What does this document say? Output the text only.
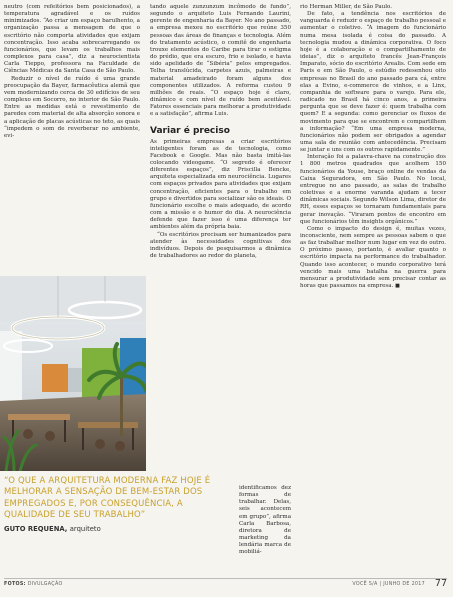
neutro (com refeitórios bem posicionados), a temperatura agradável e os ruídos minimizados. “Ao criar um espaço barulhento, a organização passa a mensagem de que o escritório não comporta atividades que exijam concentração. Isso acaba sobrecarregando os funcionários, que levam os trabalhos mais complexos para casa”, diz a neurocientista Carla Tieppo, professora na Faculdade de Ciências Médicas da Santa Casa de São Paulo.

Reduzir o nível de ruído é uma grande preocupação da Bayer, farmacêutica alemã que vem modernizando cerca de 30 edifícios de seu complexo em Socorro, no interior de São Paulo. Entre as medidas está o revestimento de paredes com material de alta absorção sonora e a aplicação de placas acústicas no teto, as quais “impedem o som de reverberar no ambiente, evi-

tando aquele zunzunzum incômodo de fundo”, segundo o arquiteto Luis Fernando Laurini, gerente de engenharia da Bayer. No ano passado, a empresa mexeu no escritório que reúne 350 pessoas das áreas de finanças e tecnologia. Além do tratamento acústico, o comitê de engenharia trouxe elementos do Caribe para tirar o estigma do prédio, que era escuro, frio e isolado, e havia sido apelidado de “Sibéria” pelos empregados. Telha translúcida, carpetes azuis, palmeiras e material amadeirado foram alguns dos componentes utilizados. A reforma custou 9 milhões de reais. “O espaço hoje é claro, dinâmico e com nível de ruído bem aceitável. Fatores essenciais para melhorar a produtividade e a satisfação”, afirma Luis.

Variar é preciso

As primeiras empresas a criar escritórios inteligentes foram as de tecnologia, como Facebook e Google. Mas não basta imitá-las colocando videogame. “O segredo é oferecer diferentes espaços”, diz Priscilla Bencke, arquiteta especializada em neurociência. Lugares com espaços privados para atividades que exijam concentração, eficientes para o trabalho em grupo e divertidos para socializar são os ideais. O funcionário escolhe o mais adequado, de acordo com a missão e o humor do dia. A neurociência defende que fazer isso é uma diferença ter ambientes além da própria baia.

“Os escritórios precisam ser humanizados para atender às necessidades cognitivas dos indivíduos. Depois de pesquisarmos a dinâmica de trabalhadores ao redor do planeta,

identificamos dez formas de trabalhar. Delas, seis acontecem em grupo”, afirma Carla Barbosa, diretora de marketing da lendária marca de mobiliá-

rio Herman Miller, de São Paulo.

De fato, a tendência nos escritórios de vanguarda é reduzir o espaço de trabalho pessoal e aumentar o coletivo. “A imagem do funcionário numa mesa isolada é coisa do passado. A tecnologia mudou a dinâmica corporativa. O foco hoje é a colaboração e o compartilhamento de ideias”, diz o arquiteto francês Jean-François Imparato, sócio do escritório Arealis. Com sede em Paris e em São Paulo, o estúdio redesenhou oito empresas no Brasil do ano passado para cá, entre elas a Evino, e-commerce de vinhos, e a Linx, companhia de software para o varejo. Para ele, radicado no Brasil há cinco anos, a primeira pergunta que se deve fazer é: quem trabalha com quem? E a segunda: como gerenciar os fluxos de movimento para que se encontrem e compartilhem a informação? “Em uma empresa moderna, funcionários não podem ser obrigados a agendar uma sala de reunião com antecedência. Precisam se juntar e uns com os outros rapidamente.”

Interação foi a palavra-chave na construção dos 1 800 metros quadrados que acolhem 150 funcionários da Youse, braço online de vendas da Caixa Seguradora, em São Paulo. No local, entregue no ano passado, as salas de trabalho coletivas e a enorme varanda ajudam a tecer dinâmicas sociais. Segundo Wilson Lima, diretor de RH, esses espaços se tornaram fundamentais para gerar inovação. “Viraram pontos de encontro em que funcionários têm insights orgânicos.”

Como o impacto do design é, muitas vezes, inconsciente, nem sempre as pessoas sabem o que as faz trabalhar melhor num lugar em vez do outro. O próximo passo, portanto, é avaliar quanto o escritório impacta na performance do trabalhador. Quando isso acontecer, o mundo corporativo terá vencido mais uma batalha na guerra para mensurar a produtividade sem precisar contar as horas que passamos na empresa. ■

“O QUE A ARQUITETURA MODERNA FAZ HOJE É MELHORAR A SENSAÇÃO DE BEM-ESTAR DOS EMPREGADOS E, POR CONSEQUÊNCIA, A QUALIDADE DE SEU TRABALHO”

GUTO REQUENA, arquiteto
FOTOS: DIVULGAÇÃO	VOCÊ S/A | JUNHO DE 2017 77
